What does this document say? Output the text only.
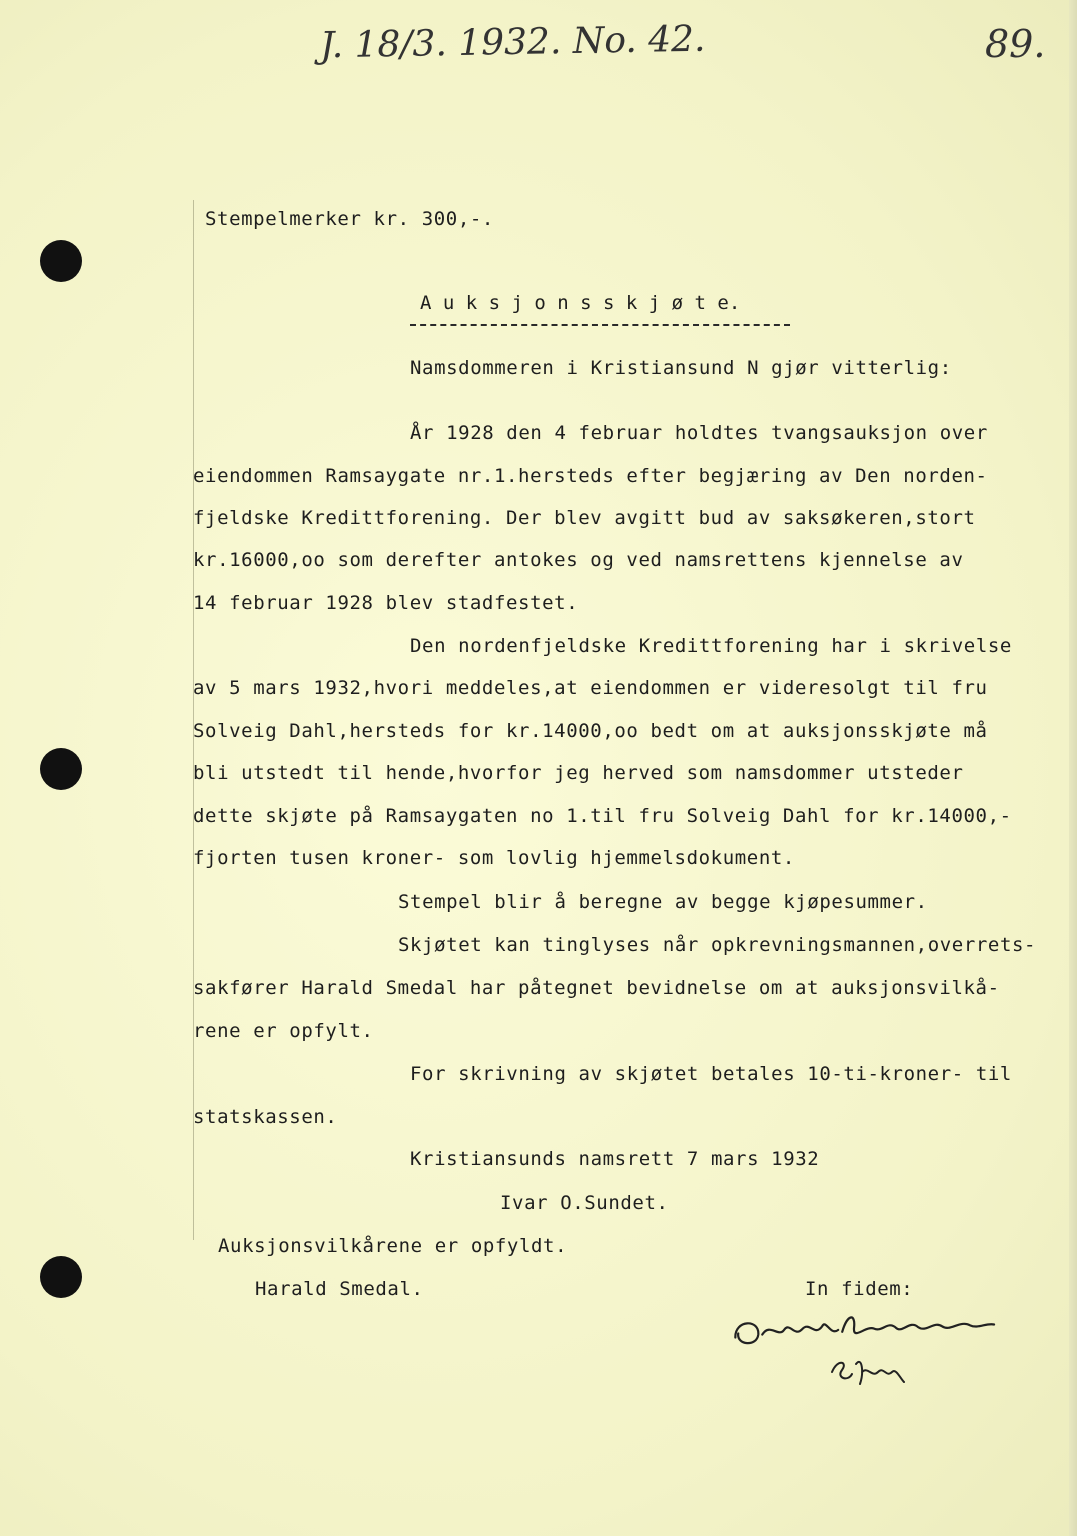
J. 18/3. 1932. No. 42.	89.
Stempelmerker kr. 300,-.
A u k s j o n s s k j ø t e.
Namsdommeren i Kristiansund N gjør vitterlig:
År 1928 den 4 februar holdtes tvangsauksjon over
eiendommen Ramsaygate nr.1.hersteds efter begjæring av Den norden-
fjeldske Kredittforening. Der blev avgitt bud av saksøkeren,stort
kr.16000,oo som derefter antokes og ved namsrettens kjennelse av
14 februar 1928 blev stadfestet.
Den nordenfjeldske Kredittforening har i skrivelse
av 5 mars 1932,hvori meddeles,at eiendommen er videresolgt til fru
Solveig Dahl,hersteds for kr.14000,oo bedt om at auksjonsskjøte må
bli utstedt til hende,hvorfor jeg herved som namsdommer utsteder
dette skjøte på Ramsaygaten no 1.til fru Solveig Dahl for kr.14000,-
fjorten tusen kroner- som lovlig hjemmelsdokument.
Stempel blir å beregne av begge kjøpesummer.
Skjøtet kan tinglyses når opkrevningsmannen,overrets-
sakfører Harald Smedal har påtegnet bevidnelse om at auksjonsvilkå-
rene er opfylt.
For skrivning av skjøtet betales 10-ti-kroner- til
statskassen.
Kristiansunds namsrett 7 mars 1932
Ivar O.Sundet.
Auksjonsvilkårene er opfyldt.
Harald Smedal.	In fidem:
